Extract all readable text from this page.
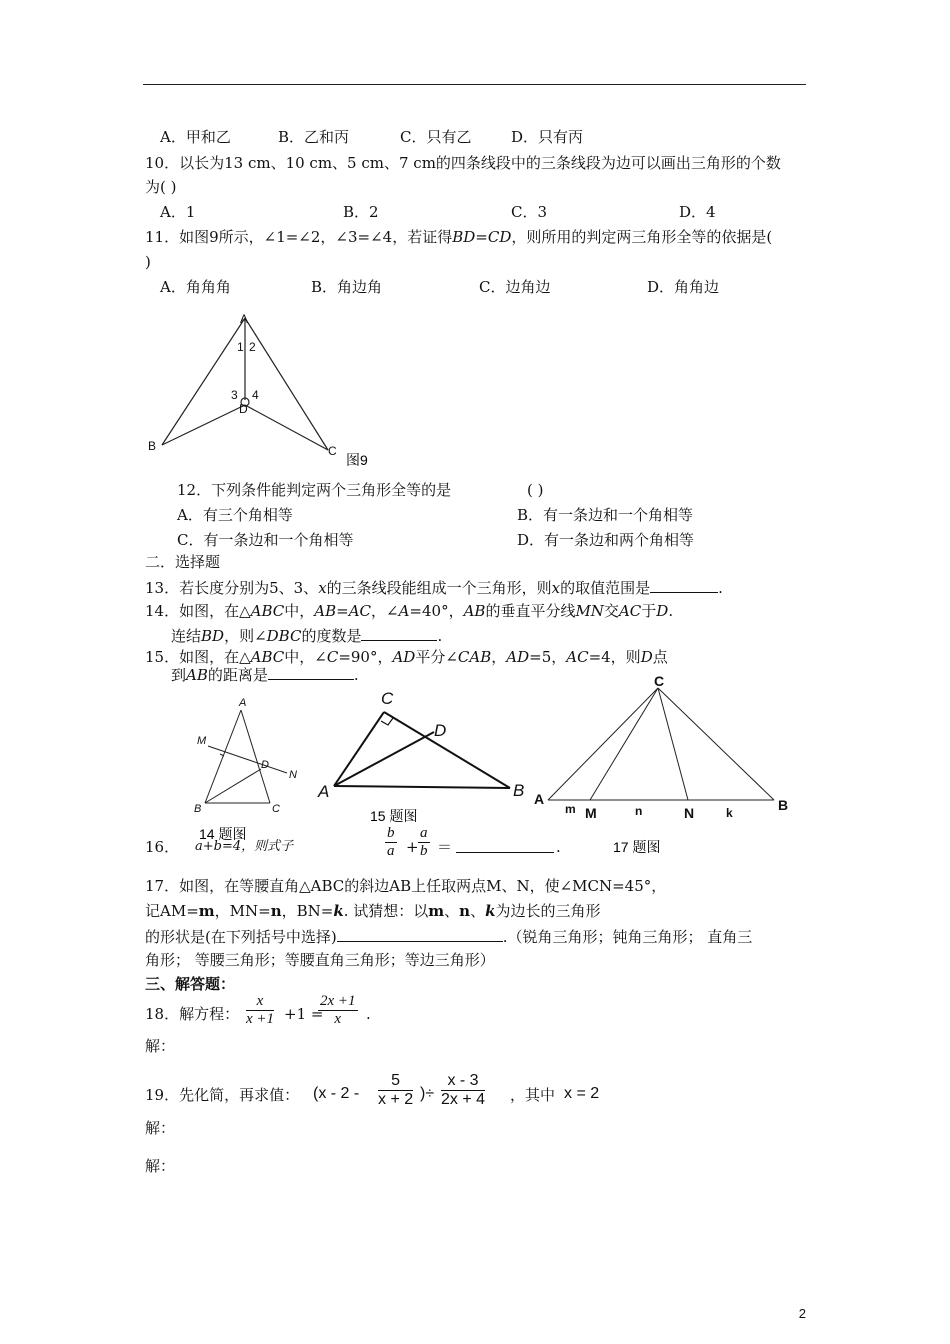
A．甲和乙	B．乙和丙	C．只有乙	D．只有丙
10．以长为13 cm、10 cm、5 cm、7 cm的四条线段中的三条线段为边可以画出三角形的个数
为( )
A．1	B．2	C．3	D．4
11．如图9所示，∠1=∠2，∠3=∠4，若证得BD=CD，则所用的判定两三角形全等的依据是(
)
A．角角角	B．角边角	C．边角边	D．角角边
A
1 2
3 4
D
B	C
图9
12．下列条件能判定两个三角形全等的是	( )
A．有三个角相等	B．有一条边和一个角相等
C．有一条边和一个角相等	D．有一条边和两个角相等
二．选择题
13．若长度分别为5、3、x的三条线段能组成一个三角形，则x的取值范围是	.
14．如图，在△ABC中，AB=AC，∠A=40°，AB的垂直平分线MN交AC于D.
连结BD，则∠DBC的度数是	.
15．如图，在△ABC中，∠C=90°，AD平分∠CAB，AD=5，AC=4，则D点
到AB的距离是	.
A
M
D
N
B	C
14 题图
C
D
A	B
15 题图
C
A
m M	n	N	k	B
17 题图
16． a+b=4，则式子	$\frac{b}{a} + \frac{a}{b}$ ＝	.
17．如图，在等腰直角△ABC的斜边AB上任取两点M、N，使∠MCN=45°，
记AM=m，MN=n，BN=k. 试猜想：以m、n、k为边长的三角形
的形状是(在下列括号中选择)	.（锐角三角形；钝角三角形； 直角三
角形； 等腰三角形；等腰直角三角形；等边三角形）
三、解答题：
18．解方程： $\frac{x}{x +1} +1$ =
$\frac{2x +1}{x}$ .
解：
19．先化简，再求值： ($x - 2 - \frac{5}{x + 2}$ )÷ $\frac{x - 3}{2x + 4}$ ，其中 x = 2
解：
解：
2
